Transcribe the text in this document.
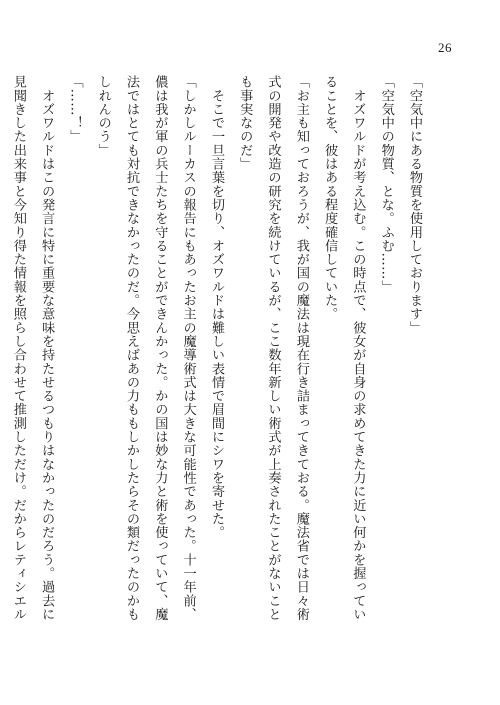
26
「空気中にある物質を使用しております」
「空気中の物質、とな。ふむ……」
　オズワルドが考え込む。この時点で、彼女が自身の求めてきた力に近い何かを握ってい
ることを、彼はある程度確信していた。
「お主も知っておろうが、我が国の魔法は現在行き詰まってきておる。魔法省では日々術
式の開発や改造の研究を続けているが、ここ数年新しい術式が上奏されたことがないこと
も事実なのだ」
　そこで一旦言葉を切り、オズワルドは難しい表情で眉間にシワを寄せた。
「しかしルーカスの報告にもあったお主の魔導術式は大きな可能性であった。十一年前、
儂は我が軍の兵士たちを守ることができんかった。かの国は妙な力と術を使っていて、魔
法ではとても対抗できなかったのだ。今思えばあの力ももしかしたらその類だったのかも
しれんのう」
「……！」
　オズワルドはこの発言に特に重要な意味を持たせるつもりはなかったのだろう。過去に
見聞きした出来事と今知り得た情報を照らし合わせて推測しただけ。だからレティシエル
